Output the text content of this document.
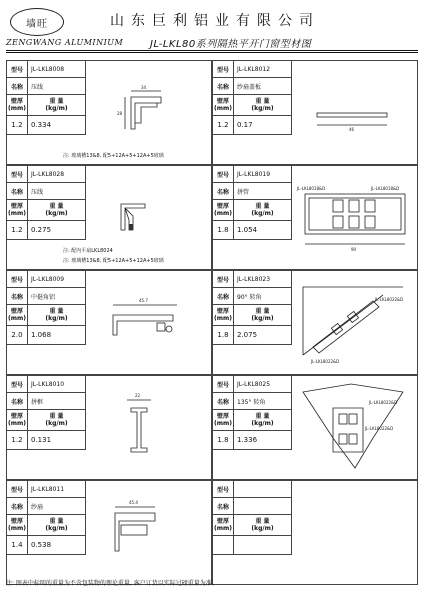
墙旺
ZENGWANG ALUMINIUM
山东巨利铝业有限公司
JL-LKL80系列隔热平开门窗型材图
型号	JL-LKL8008
名称	压线
壁厚
(mm)
重 量
(kg/m)
1.2	0.334
34
28
注: 玻璃槽13&8, 配5+12A+5+12A+5玻璃
型号	JL-LKL8012
名称	纱扇盖板
壁厚
(mm)
重 量
(kg/m)
1.2	0.17
46
型号	JL-LKL8028
名称	压线
壁厚
(mm)
重 量
(kg/m)
1.2	0.275
注: 配内平扇LKL8024
注: 玻璃槽13&8, 配5+12A+5+12A+5玻璃
型号	JL-LKL8019
名称	拼管
壁厚
(mm)
重 量
(kg/m)
1.8	1.054
JL-LKL8018&D	JL-LKL8018&D
90
型号	JL-LKL8009
名称	中挺角铝
壁厚
(mm)
重 量
(kg/m)
2.0	1.068
45.7
型号	JL-LKL8023
名称	90° 转角
壁厚
(mm)
重 量
(kg/m)
1.8	2.075
JL-LKL8022&D
JL-LKL8022&D
型号	JL-LKL8010
名称	拼框
壁厚
(mm)
重 量
(kg/m)
1.2	0.131
22
型号	JL-LKL8025
名称	135° 转角
壁厚
(mm)
重 量
(kg/m)
1.8	1.336
JL-LKL8022&D
JL-LKL8022&D
型号	JL-LKL8011
名称	纱扇
壁厚
(mm)
重 量
(kg/m)
1.4	0.538
45.4
型号
名称
壁厚
(mm)
重 量
(kg/m)
注: 图表中标明的重量为不含包装物的理论重量, 客户订货以实际过磅重量为准。
